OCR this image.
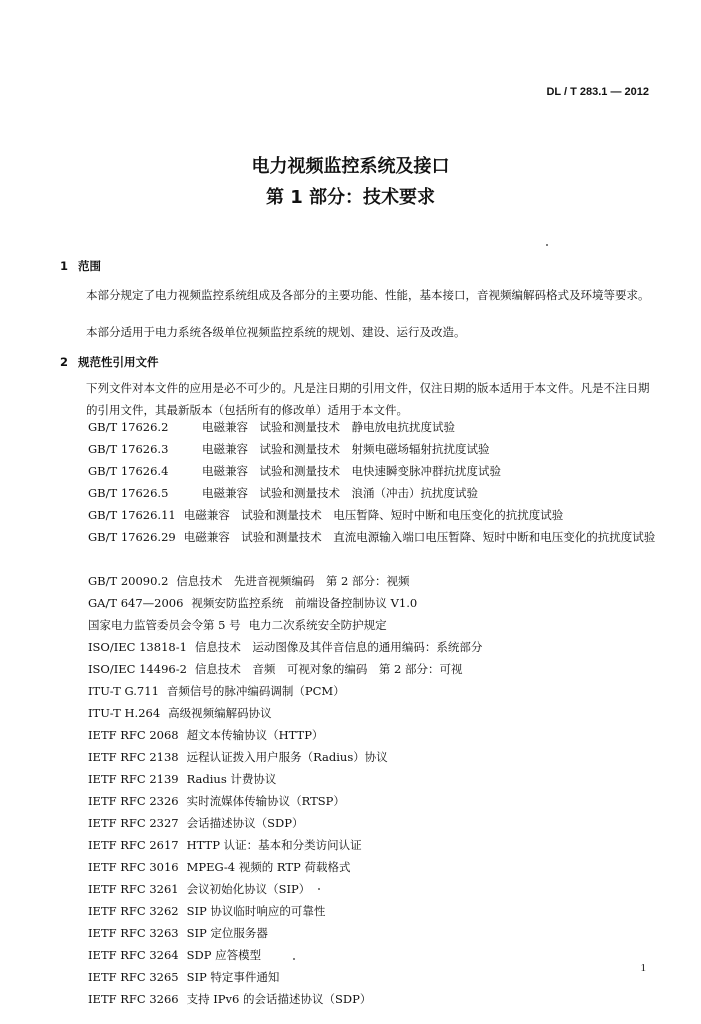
DL / T 283.1 — 2012
电力视频监控系统及接口
第 1 部分：技术要求
1 范围
本部分规定了电力视频监控系统组成及各部分的主要功能、性能，基本接口，音视频编解码格式及环境等要求。
本部分适用于电力系统各级单位视频监控系统的规划、建设、运行及改造。
2 规范性引用文件
下列文件对本文件的应用是必不可少的。凡是注日期的引用文件，仅注日期的版本适用于本文件。凡是不注日期的引用文件，其最新版本（包括所有的修改单）适用于本文件。
GB/T 17626.2	电磁兼容　试验和测量技术　静电放电抗扰度试验
GB/T 17626.3	电磁兼容　试验和测量技术　射频电磁场辐射抗扰度试验
GB/T 17626.4	电磁兼容　试验和测量技术　电快速瞬变脉冲群抗扰度试验
GB/T 17626.5	电磁兼容　试验和测量技术　浪涌（冲击）抗扰度试验
GB/T 17626.11 电磁兼容　试验和测量技术　电压暂降、短时中断和电压变化的抗扰度试验
GB/T 17626.29 电磁兼容　试验和测量技术　直流电源输入端口电压暂降、短时中断和电压变化的抗扰度试验
GB/T 20090.2 信息技术　先进音视频编码　第 2 部分：视频
GA/T 647—2006 视频安防监控系统　前端设备控制协议 V1.0
国家电力监管委员会令第 5 号 电力二次系统安全防护规定
ISO/IEC 13818-1 信息技术　运动图像及其伴音信息的通用编码：系统部分
ISO/IEC 14496-2 信息技术　音频　可视对象的编码　第 2 部分：可视
ITU-T G.711 音频信号的脉冲编码调制（PCM）
ITU-T H.264 高级视频编解码协议
IETF RFC 2068 超文本传输协议（HTTP）
IETF RFC 2138 远程认证拨入用户服务（Radius）协议
IETF RFC 2139 Radius 计费协议
IETF RFC 2326 实时流媒体传输协议（RTSP）
IETF RFC 2327 会话描述协议（SDP）
IETF RFC 2617 HTTP 认证：基本和分类访问认证
IETF RFC 3016 MPEG-4 视频的 RTP 荷载格式
IETF RFC 3261 会议初始化协议（SIP）
IETF RFC 3262 SIP 协议临时响应的可靠性
IETF RFC 3263 SIP 定位服务器
IETF RFC 3264 SDP 应答模型
IETF RFC 3265 SIP 特定事件通知
IETF RFC 3266 支持 IPv6 的会话描述协议（SDP）
1
